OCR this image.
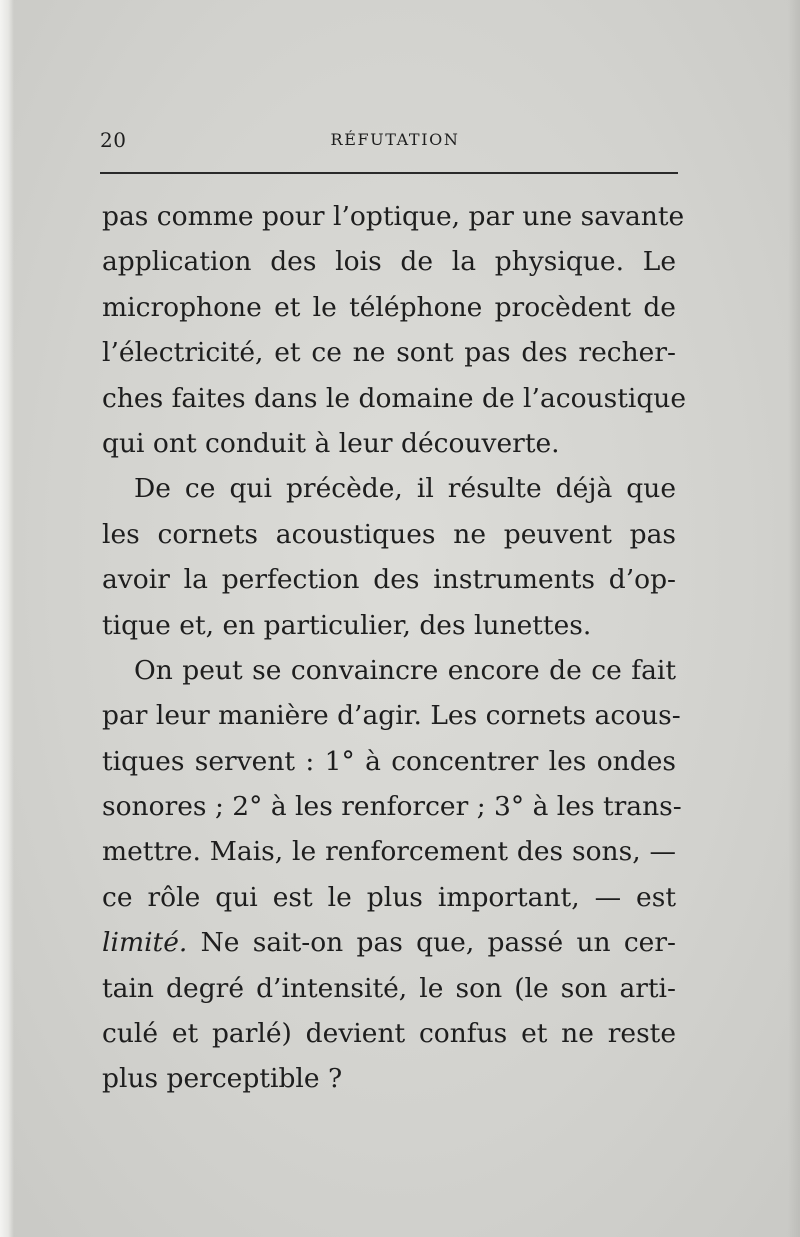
20	RÉFUTATION
pas comme pour l’optique, par une savante
application des lois de la physique. Le
microphone et le téléphone procèdent de
l’électricité, et ce ne sont pas des recher-
ches faites dans le domaine de l’acoustique
qui ont conduit à leur découverte.
De ce qui précède, il résulte déjà que
les cornets acoustiques ne peuvent pas
avoir la perfection des instruments d’op-
tique et, en particulier, des lunettes.
On peut se convaincre encore de ce fait
par leur manière d’agir. Les cornets acous-
tiques servent : 1° à concentrer les ondes
sonores ; 2° à les renforcer ; 3° à les trans-
mettre. Mais, le renforcement des sons, —
ce rôle qui est le plus important, — est
limité. Ne sait-on pas que, passé un cer-
tain degré d’intensité, le son (le son arti-
culé et parlé) devient confus et ne reste
plus perceptible ?
